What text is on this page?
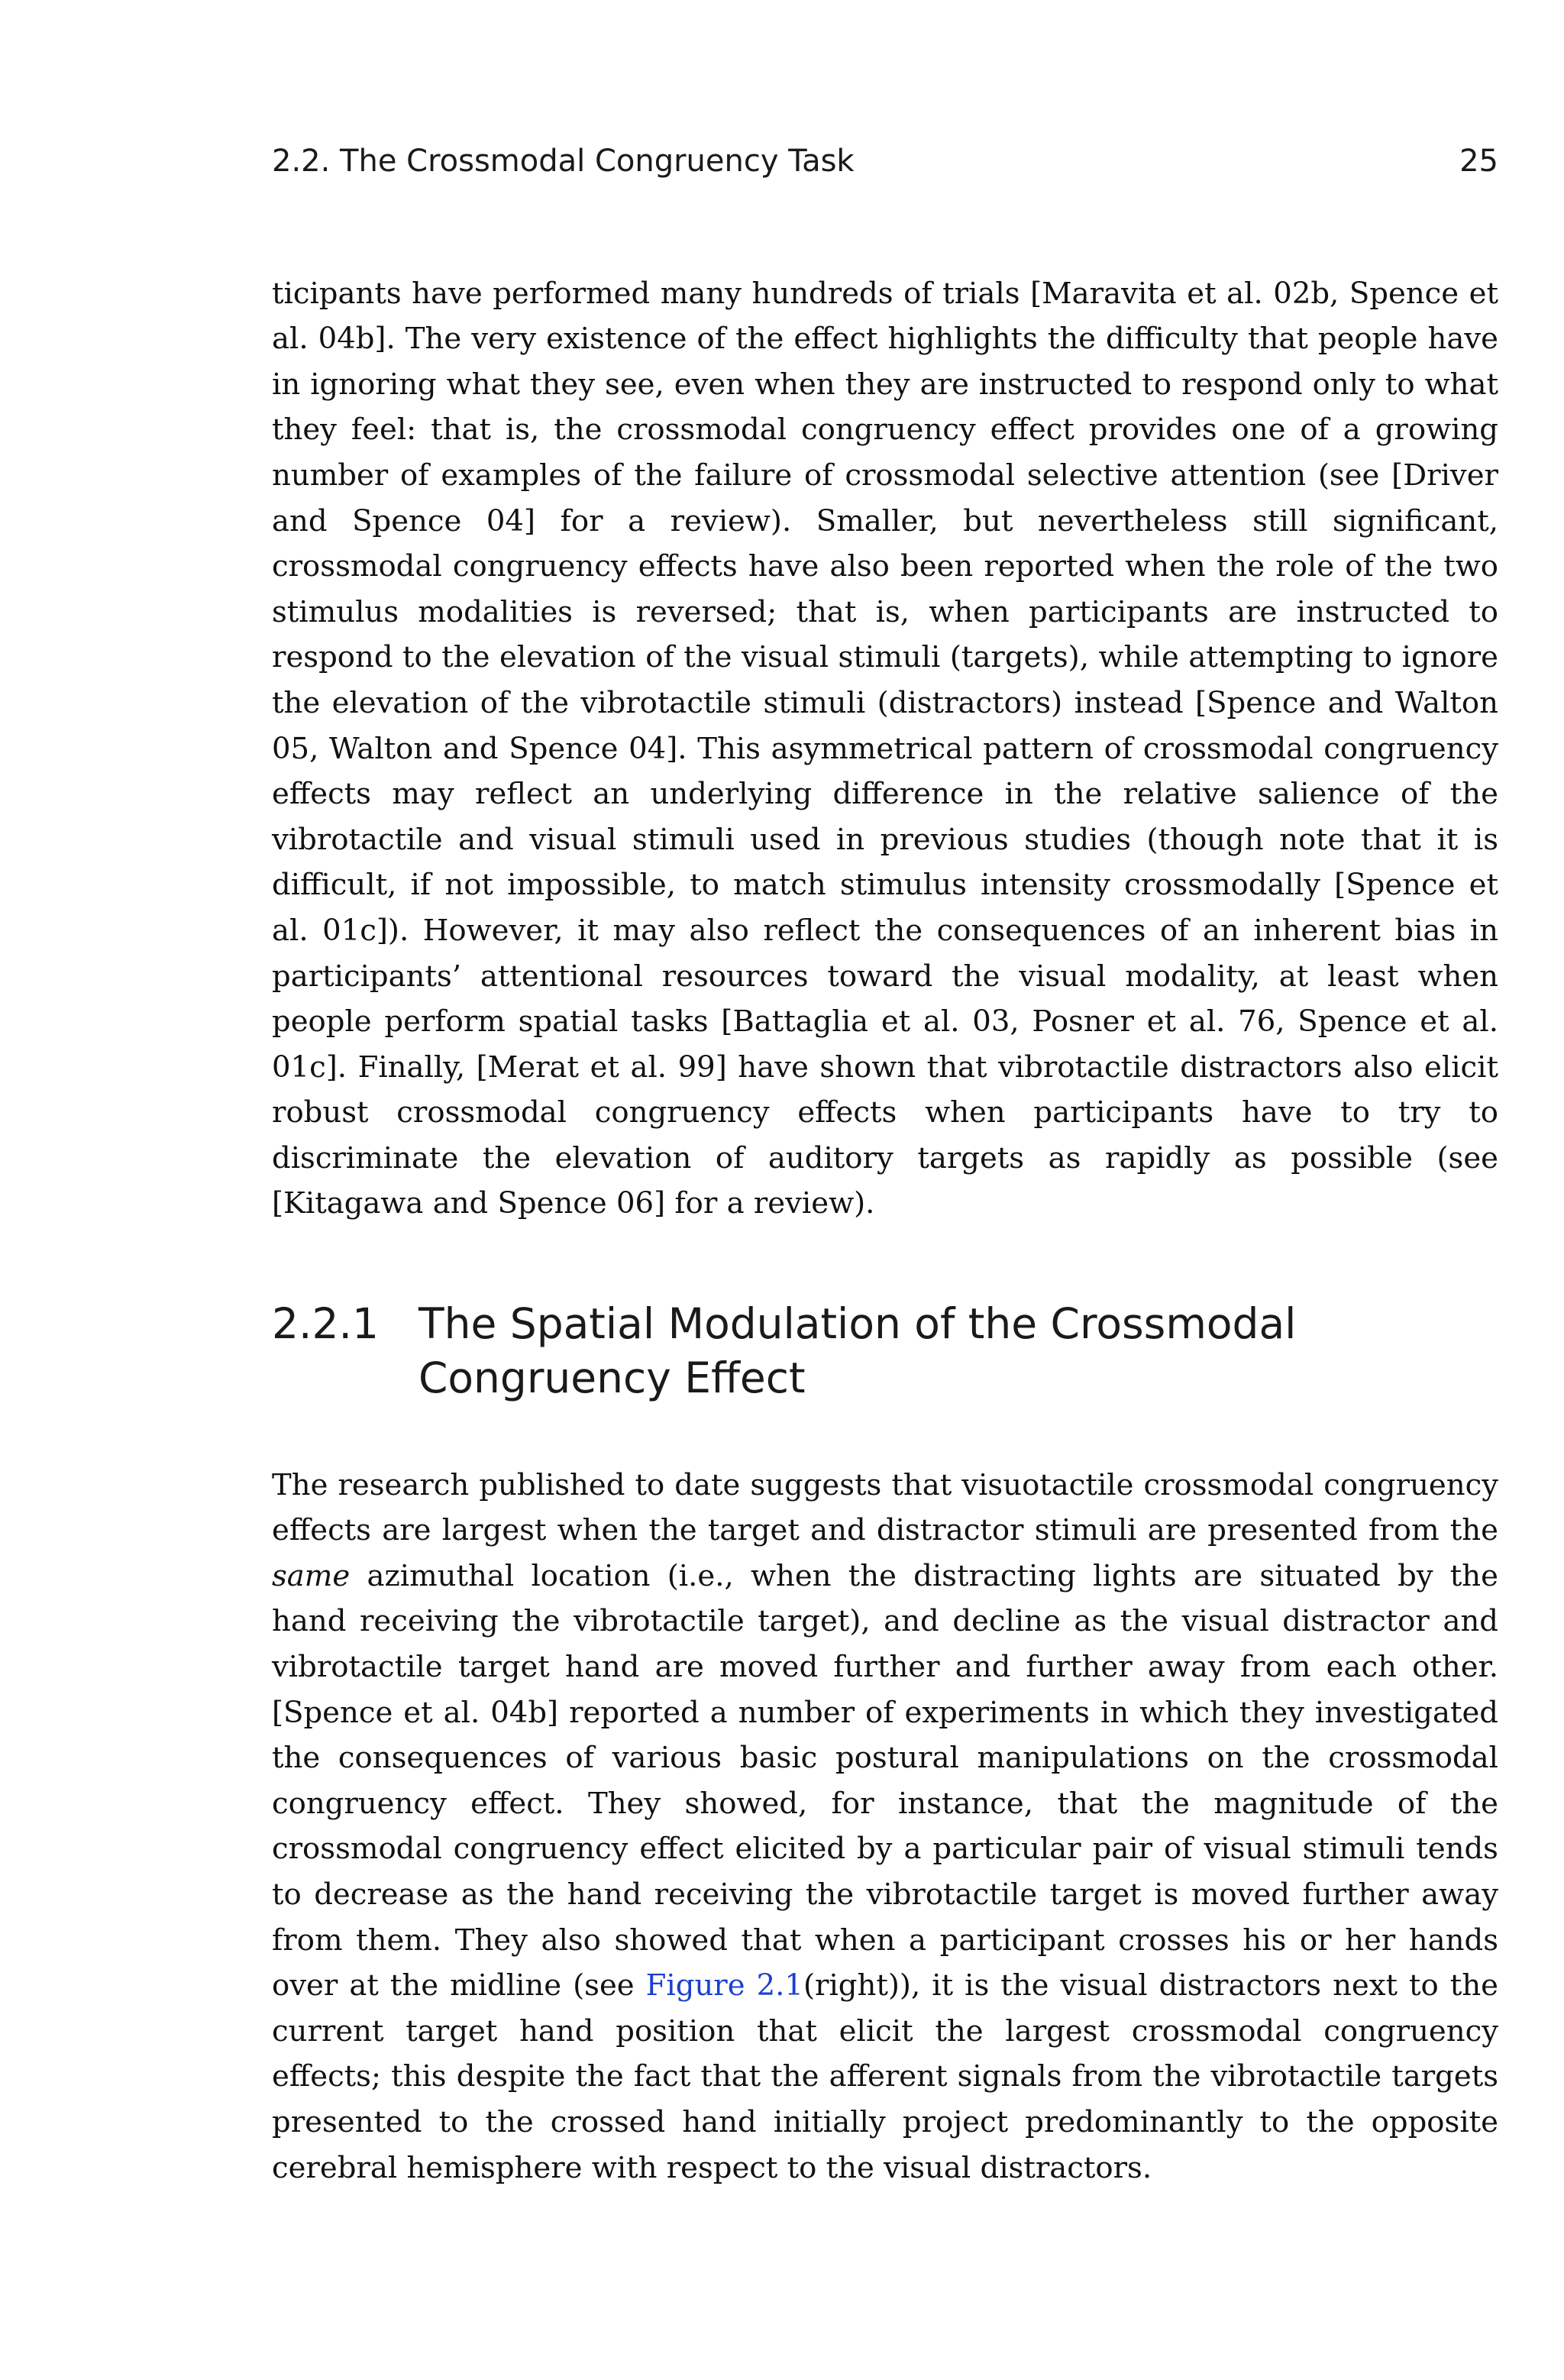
2.2. The Crossmodal Congruency Task	25

ticipants have performed many hundreds of trials [Maravita et al. 02b, Spence et al. 04b]. The very existence of the effect highlights the difficulty that people have in ignoring what they see, even when they are instructed to respond only to what they feel: that is, the crossmodal congruency effect provides one of a growing number of examples of the failure of crossmodal selective attention (see [Driver and Spence 04] for a review). Smaller, but nevertheless still significant, crossmodal congruency effects have also been reported when the role of the two stimulus modalities is reversed; that is, when participants are instructed to respond to the elevation of the visual stimuli (targets), while attempting to ignore the elevation of the vibrotactile stimuli (distractors) instead [Spence and Walton 05, Walton and Spence 04]. This asymmetrical pattern of crossmodal congruency effects may reflect an underlying difference in the relative salience of the vibrotactile and visual stimuli used in previous studies (though note that it is difficult, if not impossible, to match stimulus intensity crossmodally [Spence et al. 01c]). However, it may also reflect the consequences of an inherent bias in participants’ attentional resources toward the visual modality, at least when people perform spatial tasks [Battaglia et al. 03, Posner et al. 76, Spence et al. 01c]. Finally, [Merat et al. 99] have shown that vibrotactile distractors also elicit robust crossmodal congruency effects when participants have to try to discriminate the elevation of auditory targets as rapidly as possible (see [Kitagawa and Spence 06] for a review).

2.2.1 The Spatial Modulation of the Crossmodal Congruency Effect

The research published to date suggests that visuotactile crossmodal congruency effects are largest when the target and distractor stimuli are presented from the same azimuthal location (i.e., when the distracting lights are situated by the hand receiving the vibrotactile target), and decline as the visual distractor and vibrotactile target hand are moved further and further away from each other. [Spence et al. 04b] reported a number of experiments in which they investigated the consequences of various basic postural manipulations on the crossmodal congruency effect. They showed, for instance, that the magnitude of the crossmodal congruency effect elicited by a particular pair of visual stimuli tends to decrease as the hand receiving the vibrotactile target is moved further away from them. They also showed that when a participant crosses his or her hands over at the midline (see Figure 2.1(right)), it is the visual distractors next to the current target hand position that elicit the largest crossmodal congruency effects; this despite the fact that the afferent signals from the vibrotactile targets presented to the crossed hand initially project predominantly to the opposite cerebral hemisphere with respect to the visual distractors.
